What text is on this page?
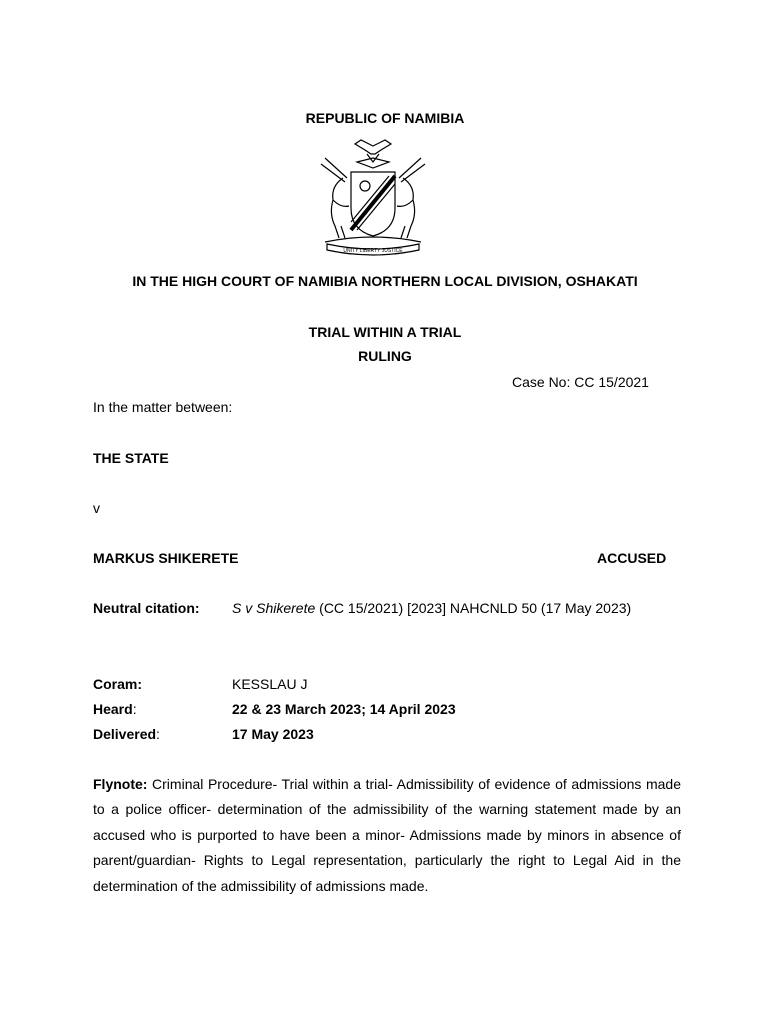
REPUBLIC OF NAMIBIA
UNITY LIBERTY JUSTICE
IN THE HIGH COURT OF NAMIBIA NORTHERN LOCAL DIVISION, OSHAKATI
TRIAL WITHIN A TRIAL
RULING
Case No: CC 15/2021
In the matter between:
THE STATE
v
MARKUS SHIKERETE	ACCUSED
Neutral citation: S v Shikerete (CC 15/2021) [2023] NAHCNLD 50 (17 May 2023)
Coram:	KESSLAU J
Heard:	22 & 23 March 2023; 14 April 2023
Delivered:	17 May 2023
Flynote: Criminal Procedure- Trial within a trial- Admissibility of evidence of admissions made to a police officer- determination of the admissibility of the warning statement made by an accused who is purported to have been a minor- Admissions made by minors in absence of parent/guardian- Rights to Legal representation, particularly the right to Legal Aid in the determination of the admissibility of admissions made.
